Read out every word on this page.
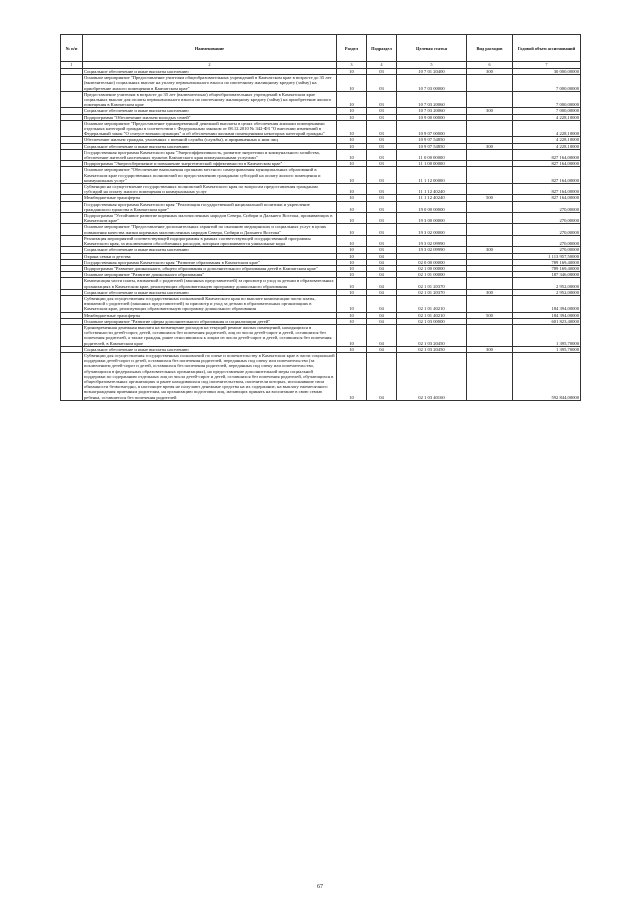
№ п/п	Наименование	Раздел	Подраздел	Целевая статья	Вид расходов	Годовой объем ассигнований
1	2	3	4	5	6	7
	Социальное обеспечение и иные выплаты населению	10	03	10 7 01 20400	300	30 000,00000
	Основное мероприятие "Предоставление учителям общеобразовательных учреждений в Камчатском крае в возрасте до 35 лет (включительно) социальных выплат на уплату первоначального взноса по ипотечному жилищному кредиту (займу) на приобретение жилого помещения в Камчатском крае"	10	03	10 7 03 00000		7 000,00000
	Предоставление учителям в возрасте до 35 лет (включительно) общеобразовательных учреждений в Камчатском крае социальных выплат для оплаты первоначального взноса по ипотечному жилищному кредиту (займу) на приобретение жилого помещения в Камчатском крае	10	03	10 7 03 20060		7 000,00000
	Социальное обеспечение и иные выплаты населению	10	03	10 7 03 20060	300	7 000,00000
	Подпрограмма "Обеспечение жильем молодых семей"	10	03	10 9 00 00000		4 228,10000
	Основное мероприятие "Предоставление единовременной денежной выплаты в целях обеспечения жилыми помещениями отдельных категорий граждан в соответствии с Федеральным законом от 08.12.2010 № 342-ФЗ "О внесении изменений в Федеральный закон "О статусе военнослужащих" и об обеспечении жилыми помещениями некоторых категорий граждан"	10	03	10 9 07 00000		4 228,10000
	Обеспечение жильем граждан, уволенных с военной службы (службы), и приравненных к ним лиц	10	03	10 9 07 54850		4 228,10000
	Социальное обеспечение и иные выплаты населению	10	03	10 9 07 54850	300	4 228,10000
	Государственная программа Камчатского края "Энергоэффективность, развитие энергетики и коммунального хозяйства, обеспечение жителей населенных пунктов Камчатского края коммунальными услугами"	10	03	11 0 00 00000		827 164,00000
	Подпрограмма "Энергосбережение и повышение энергетической эффективности в Камчатском крае"	10	03	11 1 00 00000		827 164,00000
	Основное мероприятие "Обеспечение выполнения органами местного самоуправления муниципальных образований в Камчатском крае государственных полномочий по предоставлению гражданам субсидий на оплату жилого помещения и коммунальных услуг"	10	03	11 1 12 00000		827 164,00000
	Субвенции на осуществление государственных полномочий Камчатского края по вопросам предоставления гражданам субсидий на оплату жилого помещения и коммунальных услуг	10	03	11 1 12 40240		827 164,00000
	Межбюджетные трансферты	10	03	11 1 12 40240	500	827 164,00000
	Государственная программа Камчатского края "Реализация государственной национальной политики и укрепление гражданского единства в Камчатском крае"	10	03	19 0 00 00000		270,00000
	Подпрограмма "Устойчивое развитие коренных малочисленных народов Севера, Сибири и Дальнего Востока, проживающих в Камчатском крае"	10	03	19 3 00 00000		270,00000
	Основное мероприятие "Предоставление дополнительных гарантий по оказанию медицинских и социальных услуг в целях повышения качества жизни коренных малочисленных народов Севера, Сибири и Дальнего Востока"	10	03	19 3 02 00000		270,00000
	Реализация мероприятий соответствующей подпрограммы в рамках соответствующей государственной программы Камчатского края, за исключением обособленных расходов, которым присваиваются уникальные коды	10	03	19 3 02 09990		270,00000
	Социальное обеспечение и иные выплаты населению	10	03	19 3 02 09990	300	270,00000
	Охрана семьи и детства	10	04			1 113 957,50000
	Государственная программа Камчатского края "Развитие образования в Камчатском крае"	10	04	02 0 00 00000		789 169,40000
	Подпрограмма "Развитие дошкольного, общего образования и дополнительного образования детей в Камчатском крае"	10	04	02 1 00 00000		789 169,40000
	Основное мероприятие "Развитие дошкольного образования"	10	04	02 1 01 00000		187 346,00000
	Компенсация части платы, взимаемой с родителей (законных представителей) за присмотр и уход за детьми в образовательных организациях в Камчатском крае, реализующих образовательную программу дошкольного образования	10	04	02 1 01 20370		2 952,00000
	Социальное обеспечение и иные выплаты населению	10	04	02 1 01 20370	300	2 952,00000
	Субвенции для осуществления государственных полномочий Камчатского края по выплате компенсации части платы, взимаемой с родителей (законных представителей) за присмотр и уход за детьми в образовательных организациях в Камчатском крае, реализующих образовательную программу дошкольного образования	10	04	02 1 01 40210		184 394,00000
	Межбюджетные трансферты	10	04	02 1 01 40210	500	184 394,00000
	Основное мероприятие "Развитие сферы дополнительного образования и социализации детей"	10	04	02 1 03 00000		601 823,40000
	Единовременная денежная выплата на возмещение расходов на текущий ремонт жилых помещений, находящихся в собственности детей-сирот, детей, оставшихся без попечения родителей, лиц из числа детей-сирот и детей, оставшихся без попечения родителей, а также граждан, ранее относившихся к лицам из числа детей-сирот и детей, оставшихся без попечения родителей, в Камчатском крае	10	04	02 1 03 20450		1 395,70000
	Социальное обеспечение и иные выплаты населению	10	04	02 1 03 20450	300	1 395,70000
	Субвенции для осуществления государственных полномочий по опеке и попечительству в Камчатском крае в части социальной поддержки детей-сирот и детей, оставшихся без попечения родителей, переданных под опеку или попечительство (за исключением детей-сирот и детей, оставшихся без попечения родителей, переданных под опеку или попечительство, обучающихся в федеральных образовательных организациях), на предоставление дополнительной меры социальной поддержки по содержанию отдельных лиц из числа детей-сирот и детей, оставшихся без попечения родителей, обучающихся в общеобразовательных организациях и ранее находившихся под попечительством, попечители которых, исполнявшие свои обязанности безвозмездно, в настоящее время не получают денежные средства на их содержание, на выплату ежемесячного вознаграждения приемным родителям, на организацию подготовки лиц, желающих принять на воспитание в свою семью ребенка, оставшегося без попечения родителей	10	04	02 1 03 40160		592 844,00000
67
